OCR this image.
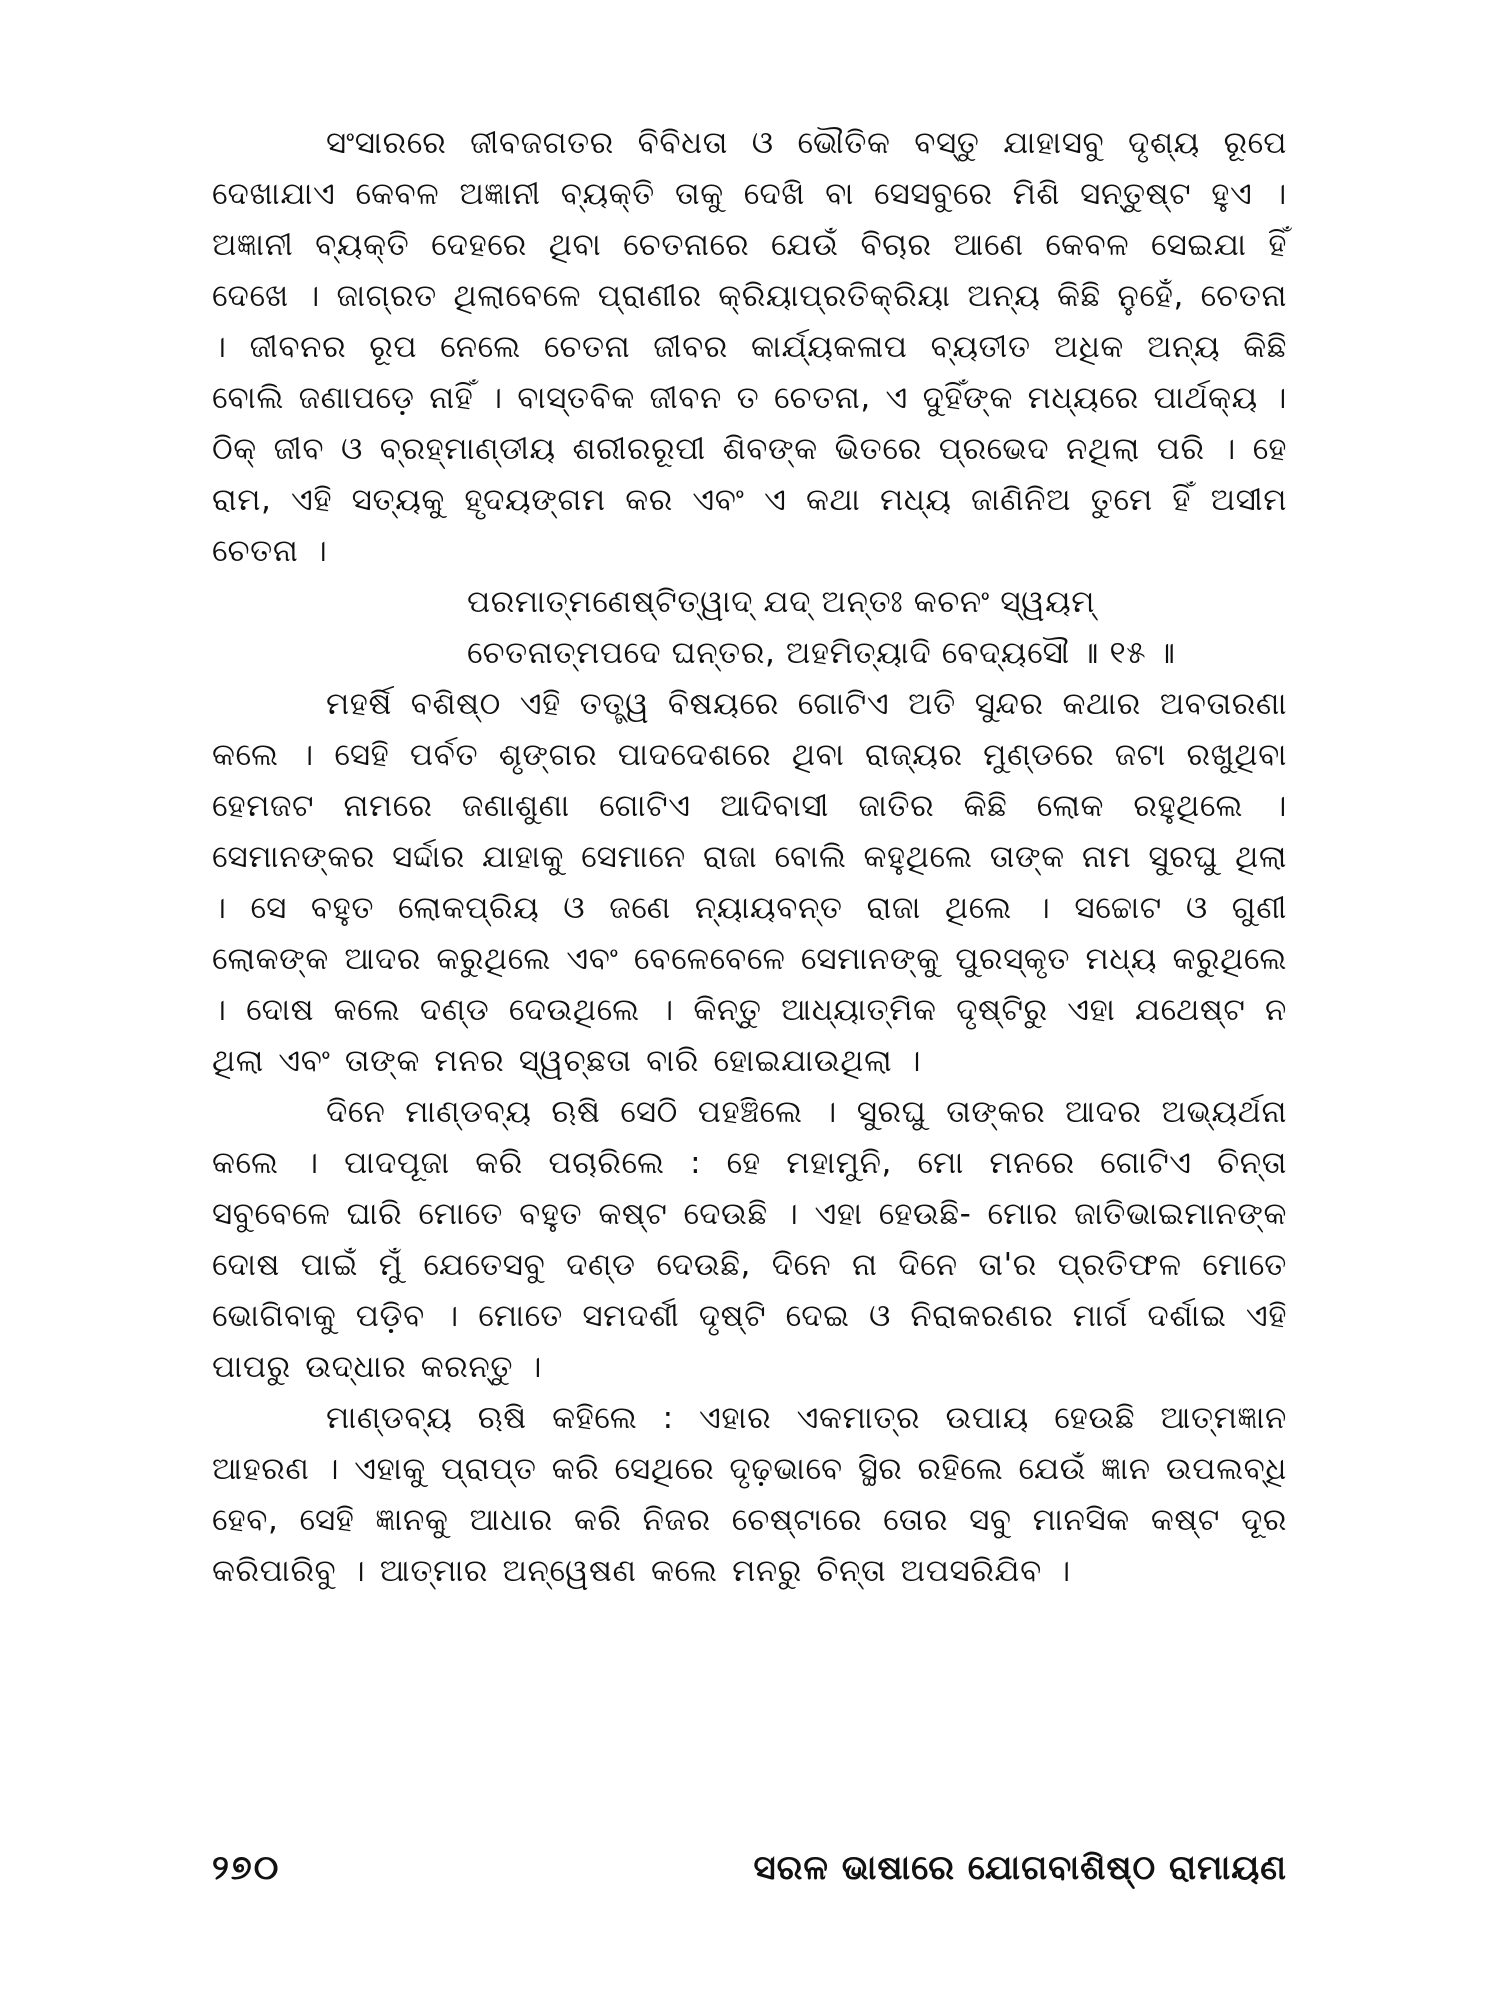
ସଂସାରରେ ଜୀବଜଗତର ବିବିଧତା ଓ ଭୌତିକ ବସ୍ତୁ ଯାହାସବୁ ଦୃଶ୍ୟ ରୂପେ ଦେଖାଯାଏ କେବଳ ଅଜ୍ଞାନୀ ବ୍ୟକ୍ତି ତାକୁ ଦେଖି ବା ସେସବୁରେ ମିଶି ସନ୍ତୁଷ୍ଟ ହୁଏ । ଅଜ୍ଞାନୀ ବ୍ୟକ୍ତି ଦେହରେ ଥିବା ଚେତନାରେ ଯେଉଁ ବିଚାର ଆଣେ କେବଳ ସେଇଯା ହିଁ ଦେଖେ । ଜାଗ୍ରତ ଥିଲାବେଳେ ପ୍ରାଣୀର କ୍ରିୟାପ୍ରତିକ୍ରିୟା ଅନ୍ୟ କିଛି ନୁହେଁ, ଚେତନା । ଜୀବନର ରୂପ ନେଲେ ଚେତନା ଜୀବର କାର୍ଯ୍ୟକଳାପ ବ୍ୟତୀତ ଅଧିକ ଅନ୍ୟ କିଛି ବୋଲି ଜଣାପଡ଼େ ନାହିଁ । ବାସ୍ତବିକ ଜୀବନ ତ ଚେତନା, ଏ ଦୁହିଁଙ୍କ ମଧ୍ୟରେ ପାର୍ଥକ୍ୟ । ଠିକ୍ ଜୀବ ଓ ବ୍ରହ୍ମାଣ୍ଡୀୟ ଶରୀରରୂପୀ ଶିବଙ୍କ ଭିତରେ ପ୍ରଭେଦ ନଥିଲା ପରି । ହେ ରାମ, ଏହି ସତ୍ୟକୁ ହୃଦୟଙ୍ଗମ କର ଏବଂ ଏ କଥା ମଧ୍ୟ ଜାଣିନିଅ ତୁମେ ହିଁ ଅସୀମ ଚେତନା ।

ପରମାତ୍ମଣେଷ୍ଟିତ୍ୱାଦ୍ ଯଦ୍ ଅନ୍ତଃ କଚନଂ ସ୍ୱୟମ୍
ଚେତନାତ୍ମପଦେ ଘନ୍ତର, ଅହମିତ୍ୟାଦି ବେଦ୍ୟସୌ ॥ ୧୫ ॥

ମହର୍ଷି ବଶିଷ୍ଠ ଏହି ତତ୍ତ୍ୱ ବିଷୟରେ ଗୋଟିଏ ଅତି ସୁନ୍ଦର କଥାର ଅବତାରଣା କଲେ । ସେହି ପର୍ବତ ଶୃଙ୍ଗର ପାଦଦେଶରେ ଥିବା ରାଜ୍ୟର ମୁଣ୍ଡରେ ଜଟା ରଖୁଥିବା ହେମଜଟ ନାମରେ ଜଣାଶୁଣା ଗୋଟିଏ ଆଦିବାସୀ ଜାତିର କିଛି ଲୋକ ରହୁଥିଲେ । ସେମାନଙ୍କର ସର୍ଦ୍ଦାର ଯାହାକୁ ସେମାନେ ରାଜା ବୋଲି କହୁଥିଲେ ତାଙ୍କ ନାମ ସୁରଘୁ ଥିଲା । ସେ ବହୁତ ଲୋକପ୍ରିୟ ଓ ଜଣେ ନ୍ୟାୟବନ୍ତ ରାଜା ଥିଲେ । ସଚ୍ଚୋଟ ଓ ଗୁଣୀ ଲୋକଙ୍କ ଆଦର କରୁଥିଲେ ଏବଂ ବେଳେବେଳେ ସେମାନଙ୍କୁ ପୁରସ୍କୃତ ମଧ୍ୟ କରୁଥିଲେ । ଦୋଷ କଲେ ଦଣ୍ଡ ଦେଉଥିଲେ । କିନ୍ତୁ ଆଧ୍ୟାତ୍ମିକ ଦୃଷ୍ଟିରୁ ଏହା ଯଥେଷ୍ଟ ନ ଥିଲା ଏବଂ ତାଙ୍କ ମନର ସ୍ୱଚ୍ଛତା ବାରି ହୋଇଯାଉଥିଲା ।

ଦିନେ ମାଣ୍ଡବ୍ୟ ଋଷି ସେଠି ପହଞ୍ଚିଲେ । ସୁରଘୁ ତାଙ୍କର ଆଦର ଅଭ୍ୟର୍ଥନା କଲେ । ପାଦପୂଜା କରି ପଚାରିଲେ : ହେ ମହାମୁନି, ମୋ ମନରେ ଗୋଟିଏ ଚିନ୍ତା ସବୁବେଳେ ଘାରି ମୋତେ ବହୁତ କଷ୍ଟ ଦେଉଛି । ଏହା ହେଉଛି- ମୋର ଜାତିଭାଇମାନଙ୍କ ଦୋଷ ପାଇଁ ମୁଁ ଯେତେସବୁ ଦଣ୍ଡ ଦେଉଛି, ଦିନେ ନା ଦିନେ ତା'ର ପ୍ରତିଫଳ ମୋତେ ଭୋଗିବାକୁ ପଡ଼ିବ । ମୋତେ ସମଦର୍ଶୀ ଦୃଷ୍ଟି ଦେଇ ଓ ନିରାକରଣର ମାର୍ଗ ଦର୍ଶାଇ ଏହି ପାପରୁ ଉଦ୍ଧାର କରନ୍ତୁ ।

ମାଣ୍ଡବ୍ୟ ଋଷି କହିଲେ : ଏହାର ଏକମାତ୍ର ଉପାୟ ହେଉଛି ଆତ୍ମଜ୍ଞାନ ଆହରଣ । ଏହାକୁ ପ୍ରାପ୍ତ କରି ସେଥିରେ ଦୃଢ଼ଭାବେ ସ୍ଥିର ରହିଲେ ଯେଉଁ ଜ୍ଞାନ ଉପଲବ୍ଧି ହେବ, ସେହି ଜ୍ଞାନକୁ ଆଧାର କରି ନିଜର ଚେଷ୍ଟାରେ ତୋର ସବୁ ମାନସିକ କଷ୍ଟ ଦୂର କରିପାରିବୁ । ଆତ୍ମାର ଅନ୍ୱେଷଣ କଲେ ମନରୁ ଚିନ୍ତା ଅପସରିଯିବ ।

୨୭୦	ସରଳ ଭାଷାରେ ଯୋଗବାଶିଷ୍ଠ ରାମାୟଣ
